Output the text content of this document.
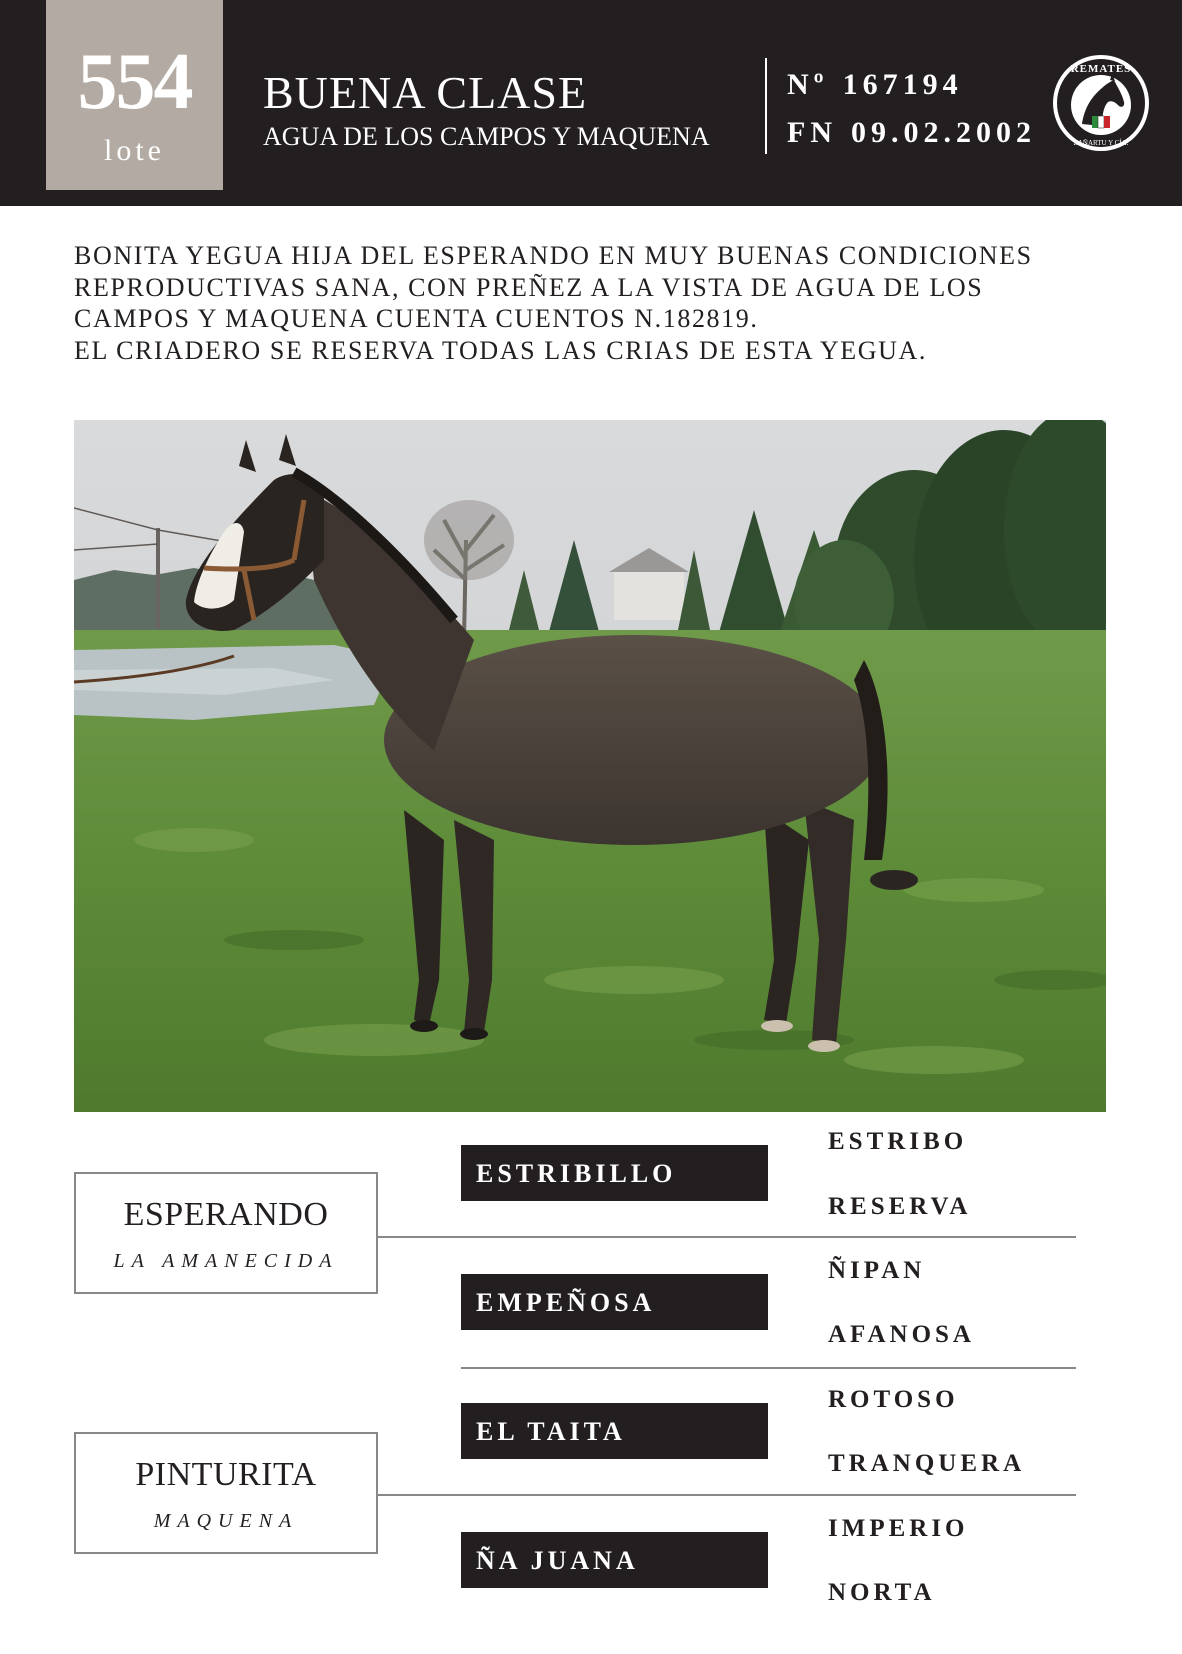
554
lote
BUENA CLASE
AGUA DE LOS CAMPOS Y MAQUENA
Nº 167194
FN 09.02.2002
REMATES
ZAÑARTU Y CÍA.
BONITA YEGUA HIJA DEL ESPERANDO EN MUY BUENAS CONDICIONES
REPRODUCTIVAS SANA, CON PREÑEZ A LA VISTA DE AGUA DE LOS
CAMPOS Y MAQUENA CUENTA CUENTOS N.182819.
EL CRIADERO SE RESERVA TODAS LAS CRIAS DE ESTA YEGUA.
ESPERANDO
LA AMANECIDA
PINTURITA
MAQUENA
ESTRIBILLO
EMPEÑOSA
EL TAITA
ÑA JUANA
ESTRIBO
RESERVA
ÑIPAN
AFANOSA
ROTOSO
TRANQUERA
IMPERIO
NORTA
